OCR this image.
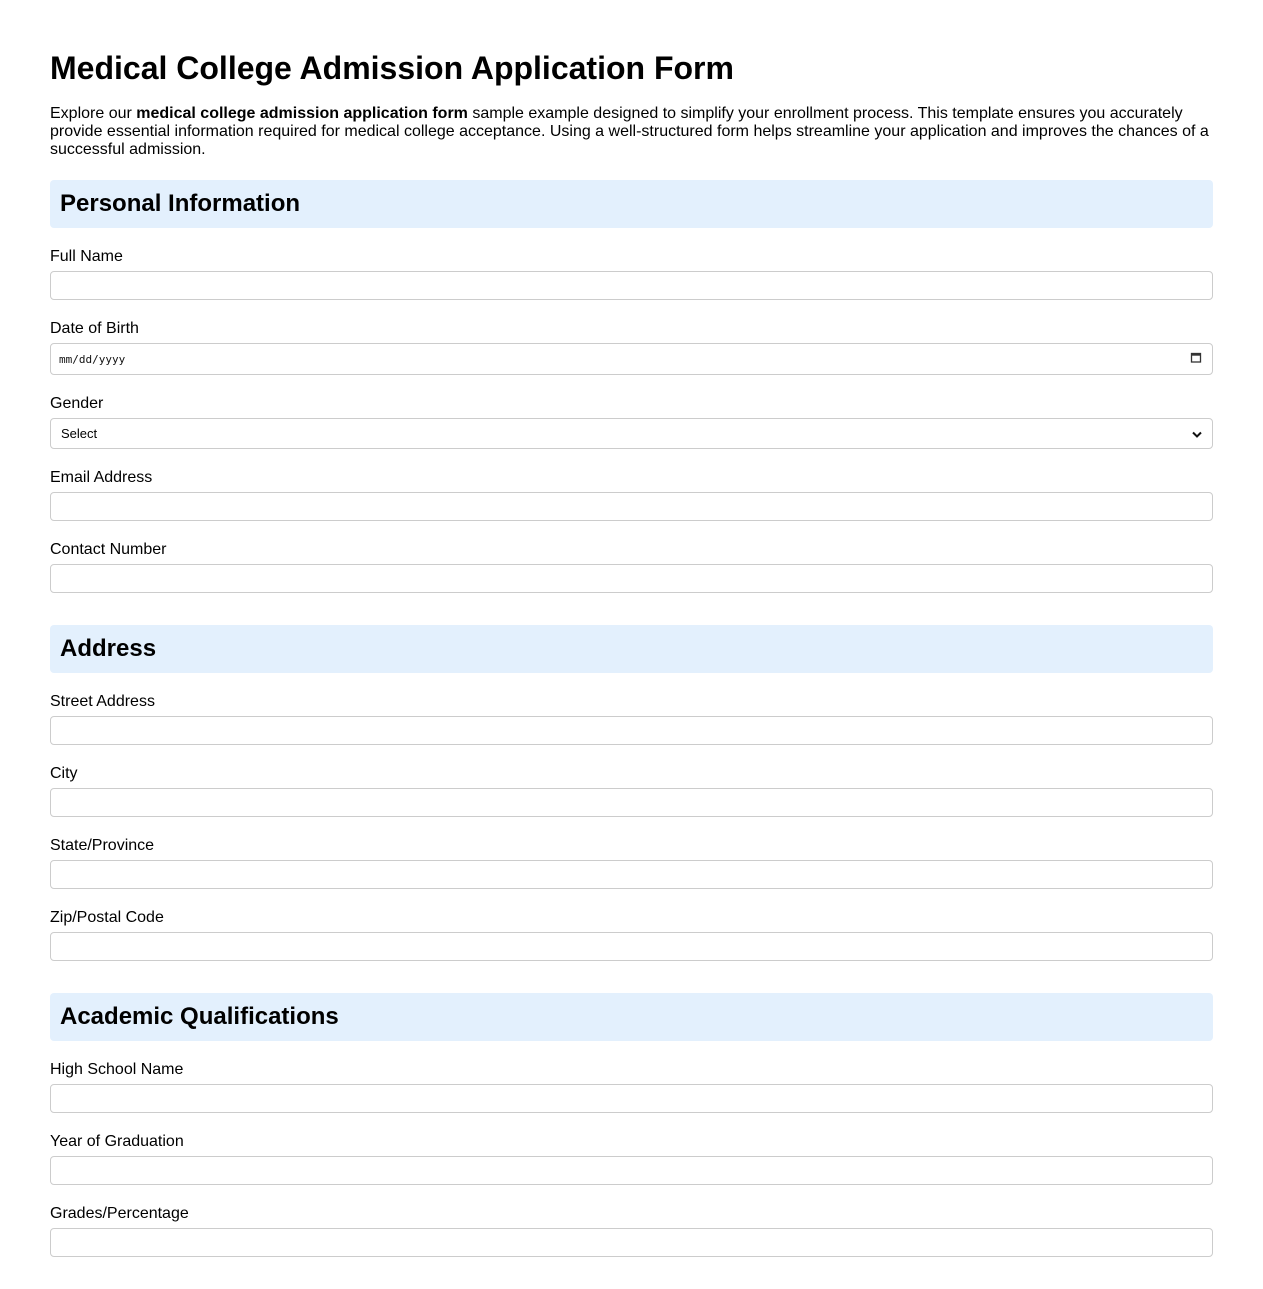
Medical College Admission Application Form

Explore our medical college admission application form sample example designed to simplify your enrollment process. This template ensures you accurately provide essential information required for medical college acceptance. Using a well-structured form helps streamline your application and improves the chances of a successful admission.

Personal Information
Full Name
Date of Birth
mm/dd/yyyy
Gender
Select
Email Address
Contact Number
Address
Street Address
City
State/Province
Zip/Postal Code
Academic Qualifications
High School Name
Year of Graduation
Grades/Percentage
